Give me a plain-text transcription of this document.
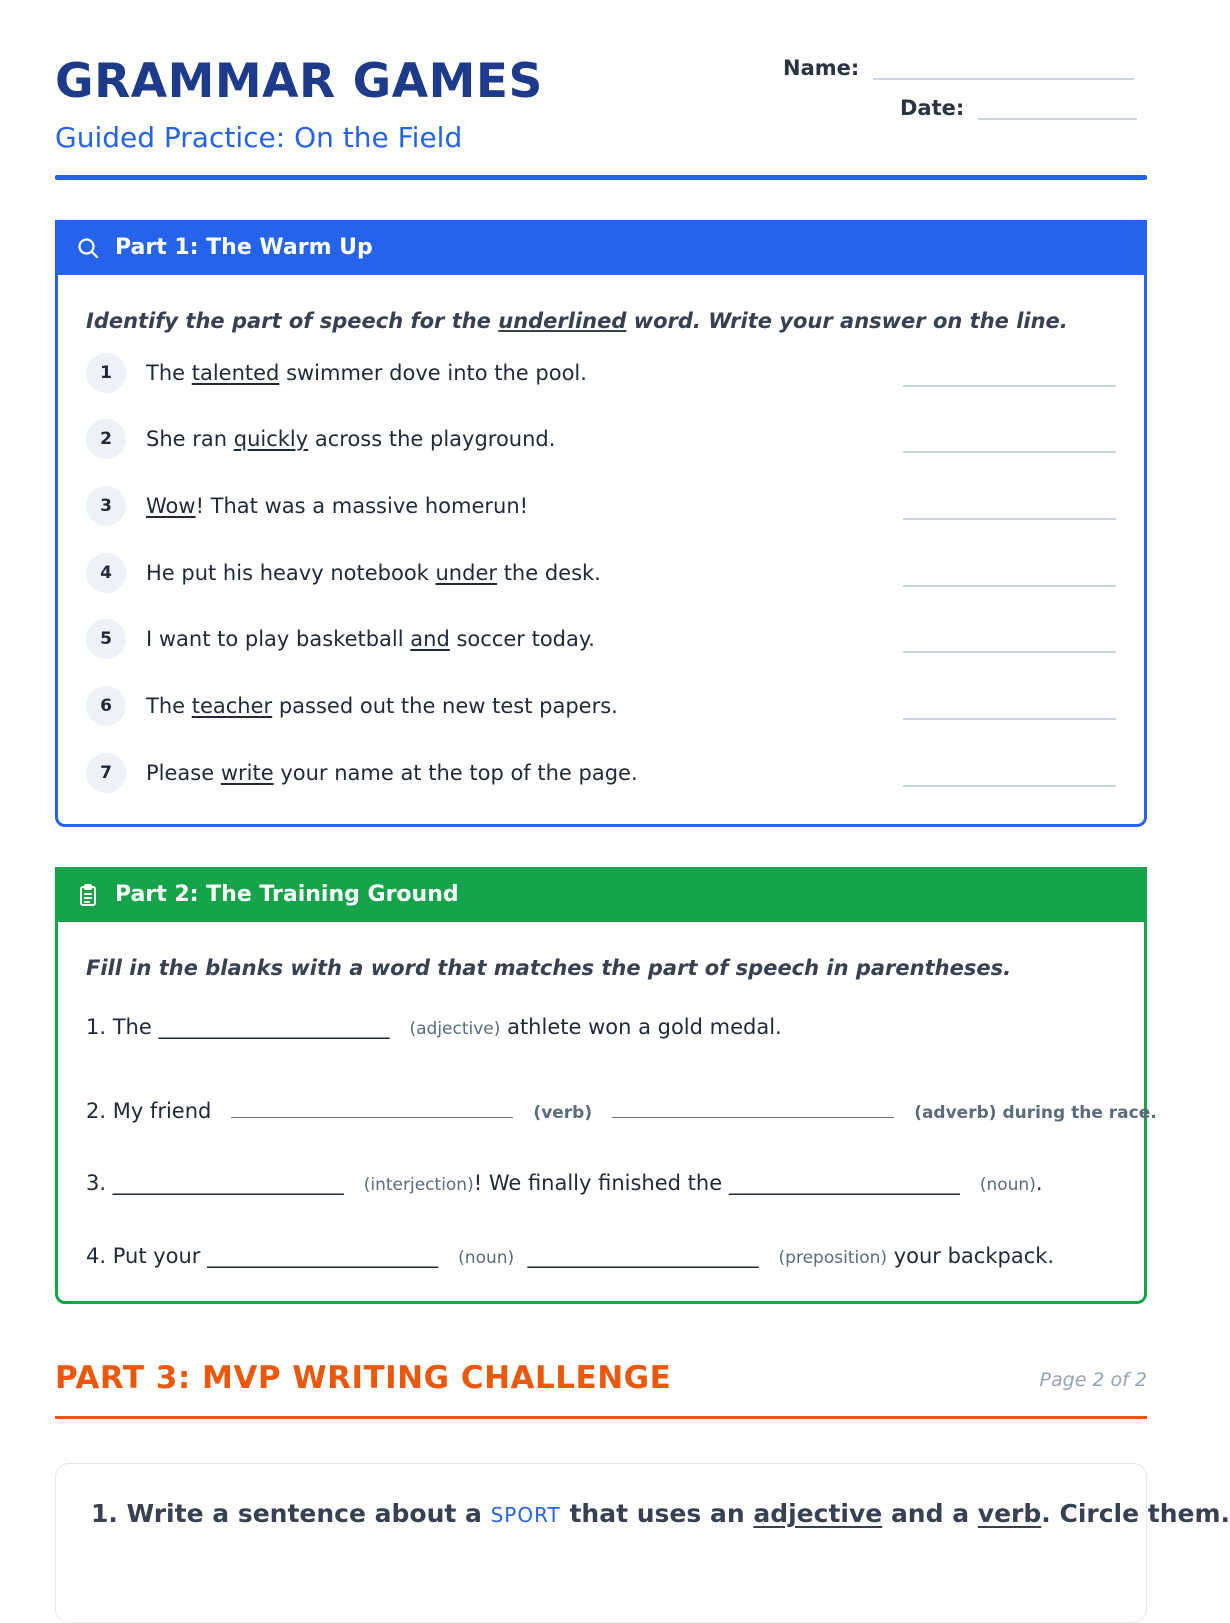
GRAMMAR GAMES
Guided Practice: On the Field
Name:
Date:
Part 1: The Warm Up
Identify the part of speech for the underlined word. Write your answer on the line.
1	The talented swimmer dove into the pool.
2	She ran quickly across the playground.
3	Wow! That was a massive homerun!
4	He put his heavy notebook under the desk.
5	I want to play basketball and soccer today.
6	The teacher passed out the new test papers.
7	Please write your name at the top of the page.
Part 2: The Training Ground
Fill in the blanks with a word that matches the part of speech in parentheses.
1. The ______________________ (adjective) athlete won a gold medal.
2. My friend	(verb)	(adverb) during the race.
3. ______________________ (interjection)! We finally finished the ______________________ (noun).
4. Put your ______________________ (noun) ______________________ (preposition) your backpack.
PART 3: MVP WRITING CHALLENGE	Page 2 of 2
1. Write a sentence about a SPORT that uses an adjective and a verb. Circle them.
